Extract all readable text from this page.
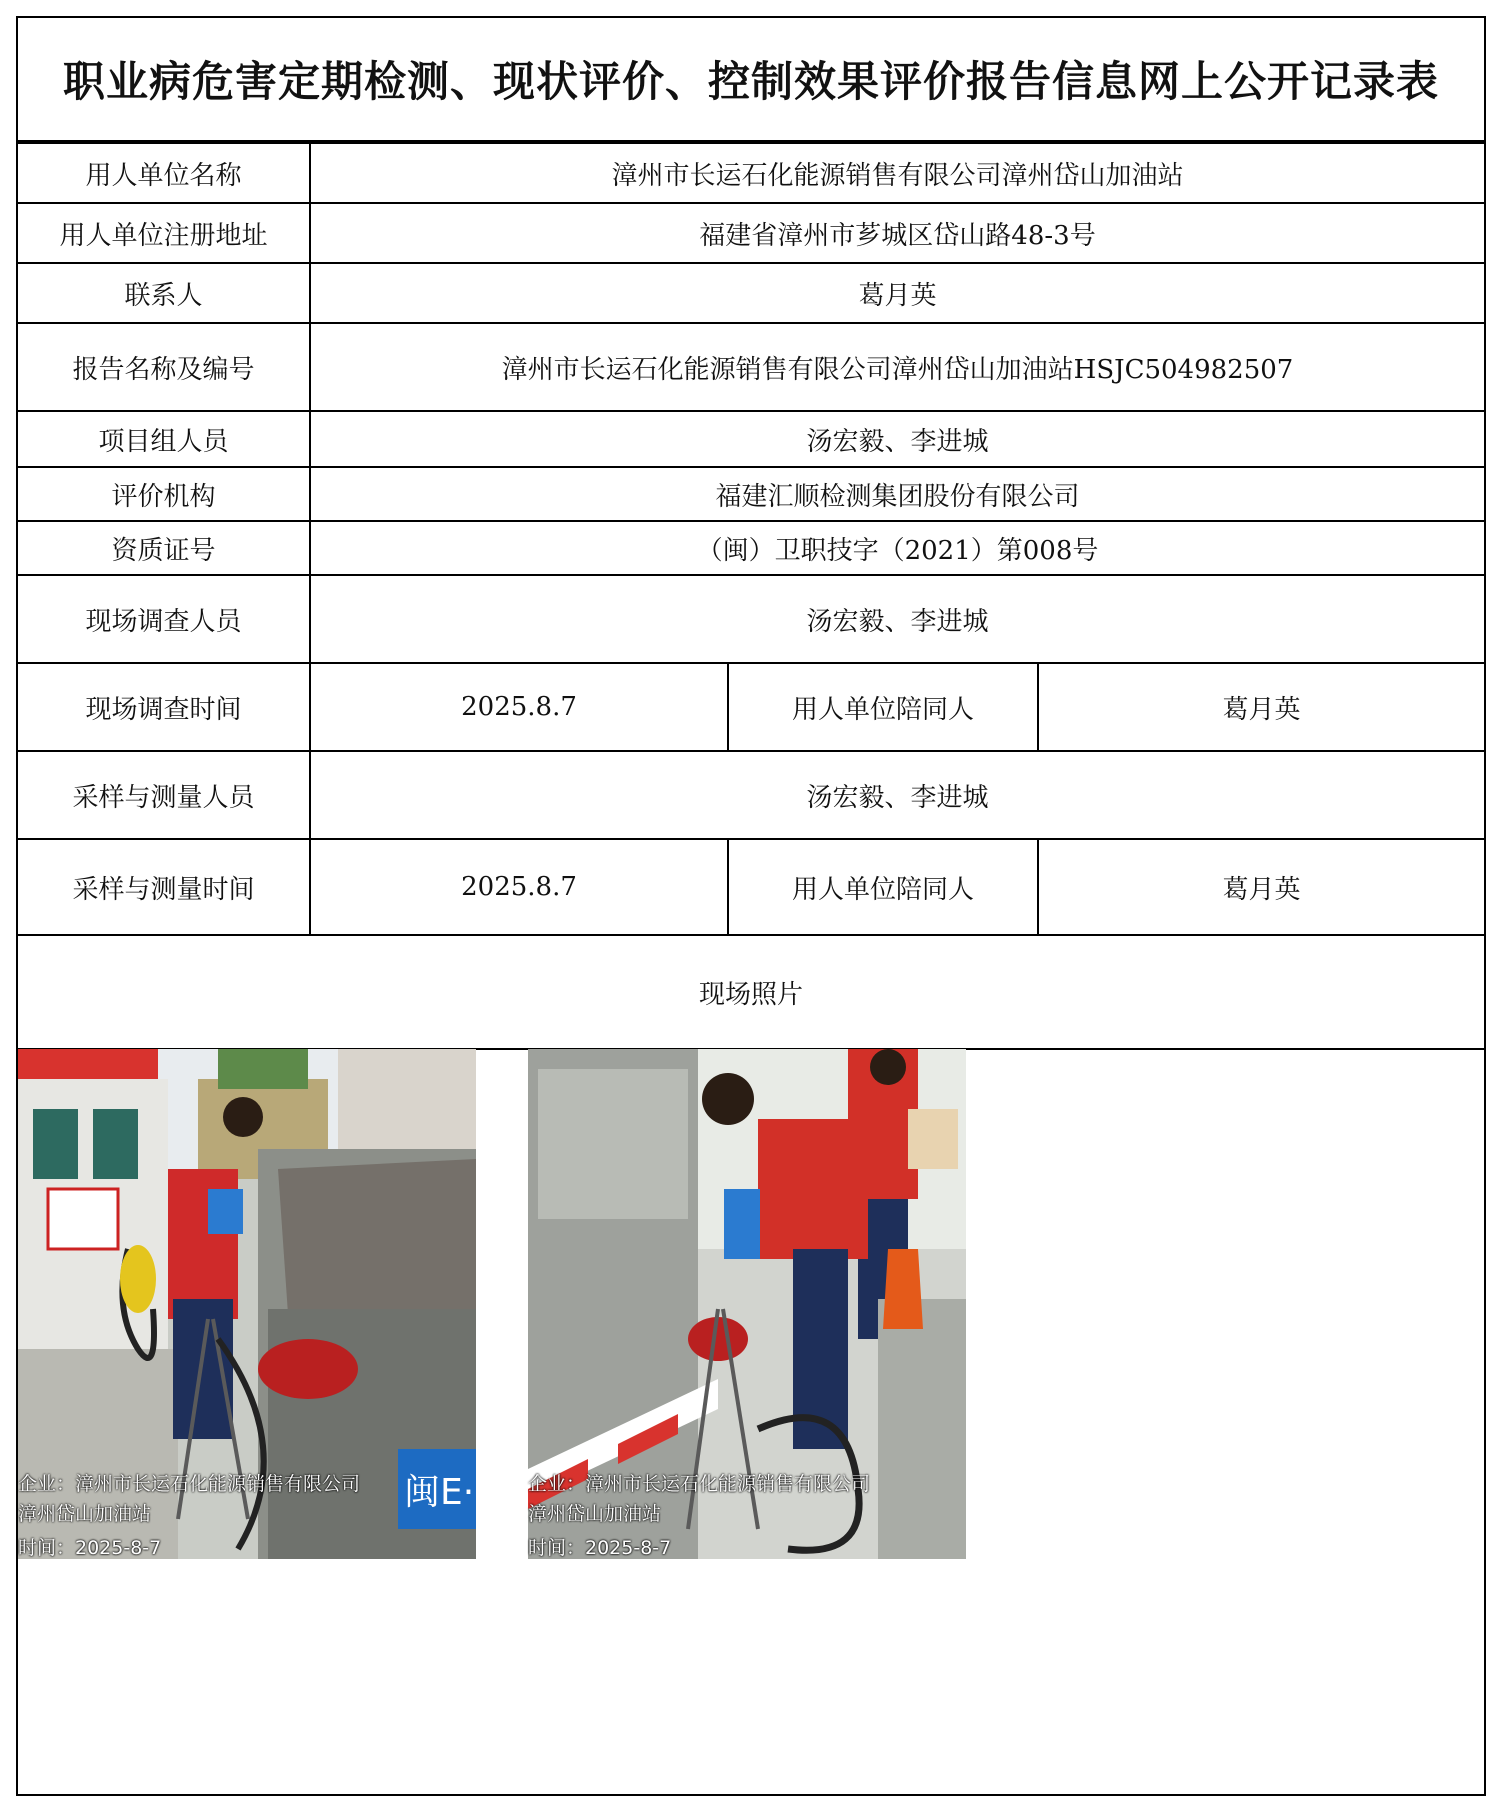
职业病危害定期检测、现状评价、控制效果评价报告信息网上公开记录表
用人单位名称	漳州市长运石化能源销售有限公司漳州岱山加油站		
用人单位注册地址	福建省漳州市芗城区岱山路48-3号		
联系人	葛月英		
报告名称及编号	漳州市长运石化能源销售有限公司漳州岱山加油站HSJC504982507		
项目组人员	汤宏毅、李进城		
评价机构	福建汇顺检测集团股份有限公司		
资质证号	（闽）卫职技字（2021）第008号		
现场调查人员	汤宏毅、李进城		
现场调查时间	2025.8.7	用人单位陪同人	葛月英
采样与测量人员	汤宏毅、李进城		
采样与测量时间	2025.8.7	用人单位陪同人	葛月英
现场照片			
闽E·80
企业：漳州市长运石化能源销售有限公司
漳州岱山加油站
时间：2025-8-7
企业：漳州市长运石化能源销售有限公司
漳州岱山加油站
时间：2025-8-7
